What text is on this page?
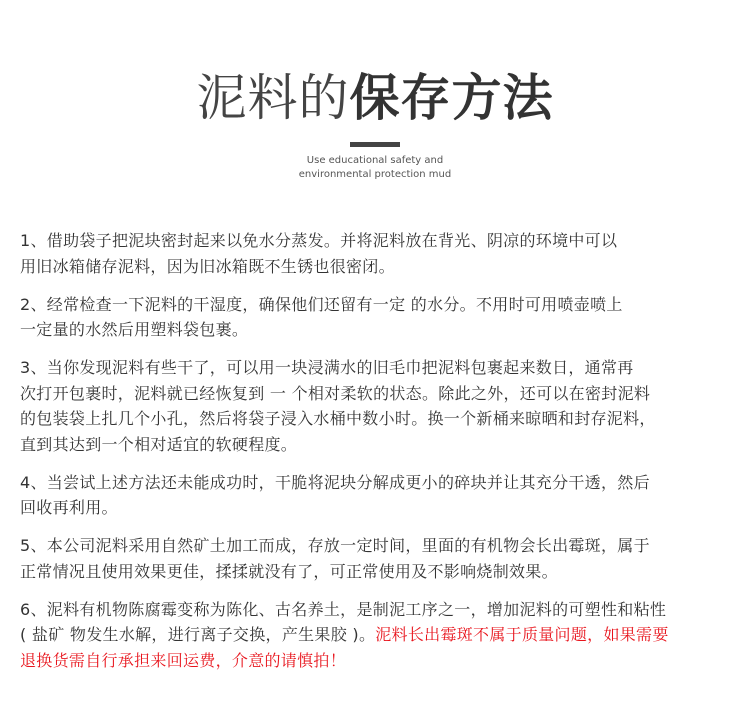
泥料的保存方法
Use educational safety and
environmental protection mud
1、借助袋子把泥块密封起来以免水分蒸发。并将泥料放在背光、阴凉的环境中可以
用旧冰箱储存泥料，因为旧冰箱既不生锈也很密闭。
2、经常检查一下泥料的干湿度，确保他们还留有一定 的水分。不用时可用喷壶喷上
一定量的水然后用塑料袋包裹。
3、当你发现泥料有些干了，可以用一块浸满水的旧毛巾把泥料包裹起来数日，通常再
次打开包裹时，泥料就已经恢复到 一 个相对柔软的状态。除此之外，还可以在密封泥料
的包装袋上扎几个小孔，然后将袋子浸入水桶中数小时。换一个新桶来晾晒和封存泥料，
直到其达到一个相对适宜的软硬程度。
4、当尝试上述方法还未能成功时，干脆将泥块分解成更小的碎块并让其充分干透，然后
回收再利用。
5、本公司泥料采用自然矿土加工而成，存放一定时间，里面的有机物会长出霉斑，属于
正常情况且使用效果更佳，揉揉就没有了，可正常使用及不影响烧制效果。
6、泥料有机物陈腐霉变称为陈化、古名养土，是制泥工序之一，增加泥料的可塑性和粘性
( 盐矿 物发生水解，进行离子交换，产生果胶 )。泥料长出霉斑不属于质量问题，如果需要
退换货需自行承担来回运费，介意的请慎拍！
